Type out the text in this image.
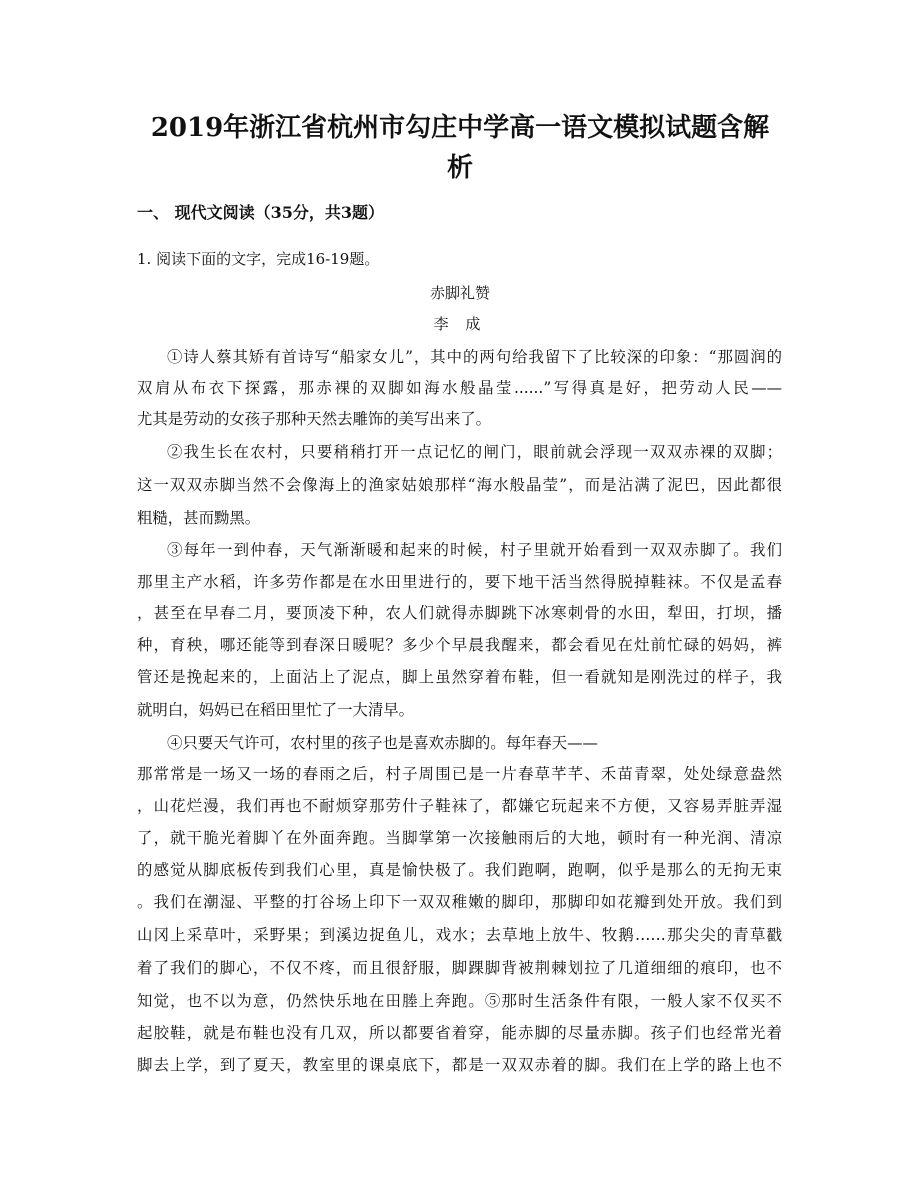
2019年浙江省杭州市勾庄中学高一语文模拟试题含解
析

一、 现代文阅读（35分，共3题）

1. 阅读下面的文字，完成16-19题。

赤脚礼赞

李 成

①诗人蔡其矫有首诗写“船家女儿”，其中的两句给我留下了比较深的印象：“那圆润的

双肩从布衣下探露，那赤裸的双脚如海水般晶莹......”写得真是好，把劳动人民——

尤其是劳动的女孩子那种天然去雕饰的美写出来了。

②我生长在农村，只要稍稍打开一点记忆的闸门，眼前就会浮现一双双赤裸的双脚；

这一双双赤脚当然不会像海上的渔家姑娘那样“海水般晶莹”，而是沾满了泥巴，因此都很

粗糙，甚而黝黑。

③每年一到仲春，天气渐渐暖和起来的时候，村子里就开始看到一双双赤脚了。我们

那里主产水稻，许多劳作都是在水田里进行的，要下地干活当然得脱掉鞋袜。不仅是孟春

，甚至在早春二月，要顶凌下种，农人们就得赤脚跳下冰寒刺骨的水田，犁田，打坝，播

种，育秧，哪还能等到春深日暖呢？多少个早晨我醒来，都会看见在灶前忙碌的妈妈，裤

管还是挽起来的，上面沾上了泥点，脚上虽然穿着布鞋，但一看就知是刚洗过的样子，我

就明白，妈妈已在稻田里忙了一大清早。

④只要天气许可，农村里的孩子也是喜欢赤脚的。每年春天——

那常常是一场又一场的春雨之后，村子周围已是一片春草芊芊、禾苗青翠，处处绿意盎然

，山花烂漫，我们再也不耐烦穿那劳什子鞋袜了，都嫌它玩起来不方便，又容易弄脏弄湿

了，就干脆光着脚丫在外面奔跑。当脚掌第一次接触雨后的大地，顿时有一种光润、清凉

的感觉从脚底板传到我们心里，真是愉快极了。我们跑啊，跑啊，似乎是那么的无拘无束

。我们在潮湿、平整的打谷场上印下一双双稚嫩的脚印，那脚印如花瓣到处开放。我们到

山冈上采草叶，采野果；到溪边捉鱼儿，戏水；去草地上放牛、牧鹅……那尖尖的青草戳

着了我们的脚心，不仅不疼，而且很舒服，脚踝脚背被荆棘划拉了几道细细的痕印，也不

知觉，也不以为意，仍然快乐地在田塍上奔跑。⑤那时生活条件有限，一般人家不仅买不

起胶鞋，就是布鞋也没有几双，所以都要省着穿，能赤脚的尽量赤脚。孩子们也经常光着

脚去上学，到了夏天，教室里的课桌底下，都是一双双赤着的脚。我们在上学的路上也不
